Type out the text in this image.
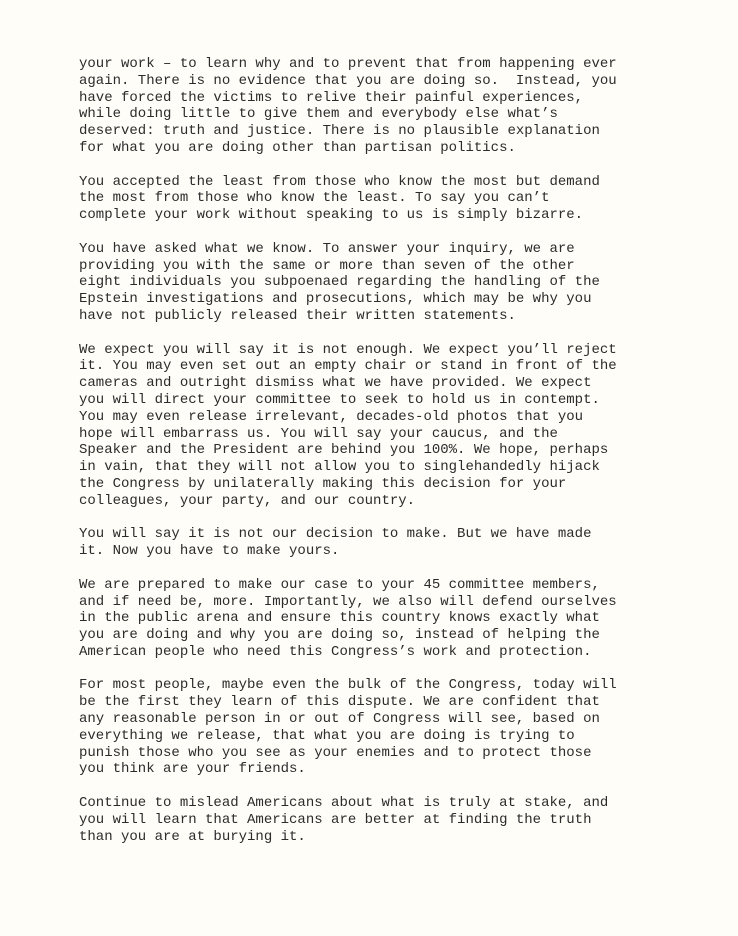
your work – to learn why and to prevent that from happening ever
again. There is no evidence that you are doing so.  Instead, you
have forced the victims to relive their painful experiences,
while doing little to give them and everybody else what’s
deserved: truth and justice. There is no plausible explanation
for what you are doing other than partisan politics.

You accepted the least from those who know the most but demand
the most from those who know the least. To say you can’t
complete your work without speaking to us is simply bizarre.

You have asked what we know. To answer your inquiry, we are
providing you with the same or more than seven of the other
eight individuals you subpoenaed regarding the handling of the
Epstein investigations and prosecutions, which may be why you
have not publicly released their written statements.

We expect you will say it is not enough. We expect you’ll reject
it. You may even set out an empty chair or stand in front of the
cameras and outright dismiss what we have provided. We expect
you will direct your committee to seek to hold us in contempt.
You may even release irrelevant, decades-old photos that you
hope will embarrass us. You will say your caucus, and the
Speaker and the President are behind you 100%. We hope, perhaps
in vain, that they will not allow you to singlehandedly hijack
the Congress by unilaterally making this decision for your
colleagues, your party, and our country.

You will say it is not our decision to make. But we have made
it. Now you have to make yours.

We are prepared to make our case to your 45 committee members,
and if need be, more. Importantly, we also will defend ourselves
in the public arena and ensure this country knows exactly what
you are doing and why you are doing so, instead of helping the
American people who need this Congress’s work and protection.

For most people, maybe even the bulk of the Congress, today will
be the first they learn of this dispute. We are confident that
any reasonable person in or out of Congress will see, based on
everything we release, that what you are doing is trying to
punish those who you see as your enemies and to protect those
you think are your friends.

Continue to mislead Americans about what is truly at stake, and
you will learn that Americans are better at finding the truth
than you are at burying it.
